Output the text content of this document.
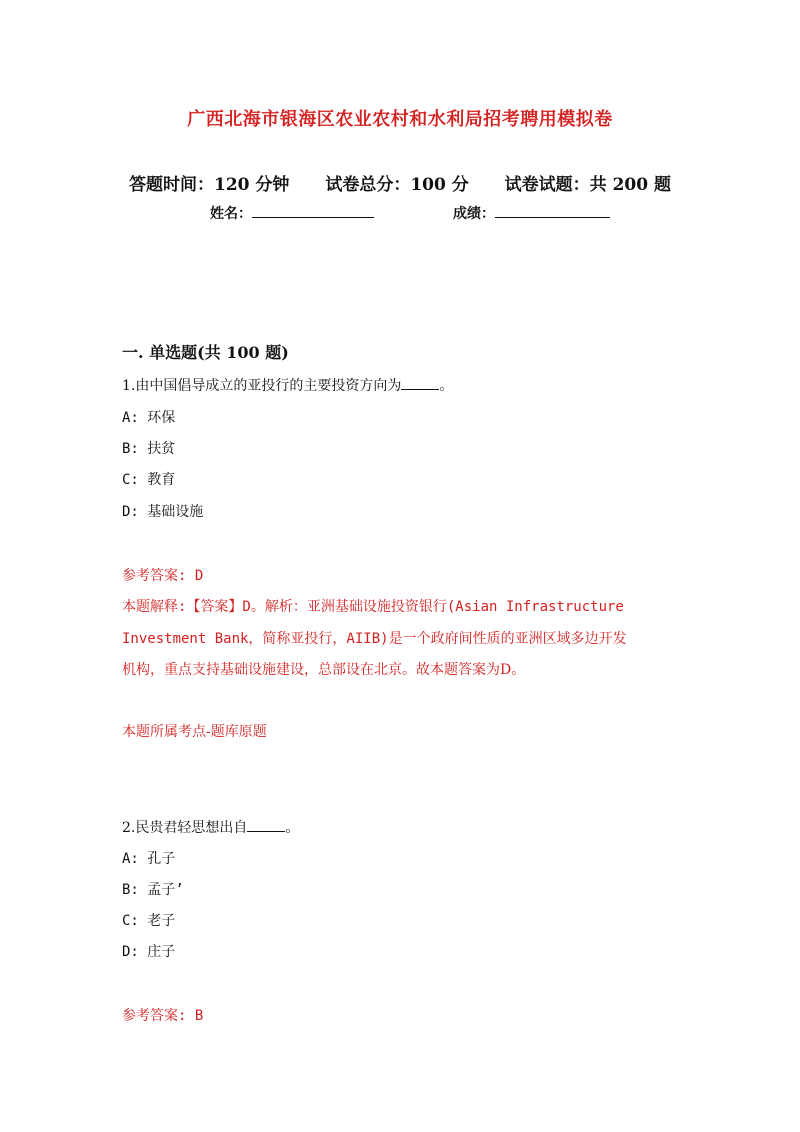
广西北海市银海区农业农村和水利局招考聘用模拟卷
答题时间：120 分钟 试卷总分：100 分 试卷试题：共 200 题
姓名：	成绩：
一. 单选题(共 100 题)
1.由中国倡导成立的亚投行的主要投资方向为	。
A: 环保
B: 扶贫
C: 教育
D: 基础设施
参考答案: D
本题解释:【答案】D。解析：亚洲基础设施投资银行(Asian Infrastructure
Investment Bank，简称亚投行，AIIB)是一个政府间性质的亚洲区域多边开发
机构，重点支持基础设施建设，总部设在北京。故本题答案为D。
本题所属考点-题库原题
2.民贵君轻思想出自	。
A: 孔子
B: 孟子’
C: 老子
D: 庄子
参考答案: B
